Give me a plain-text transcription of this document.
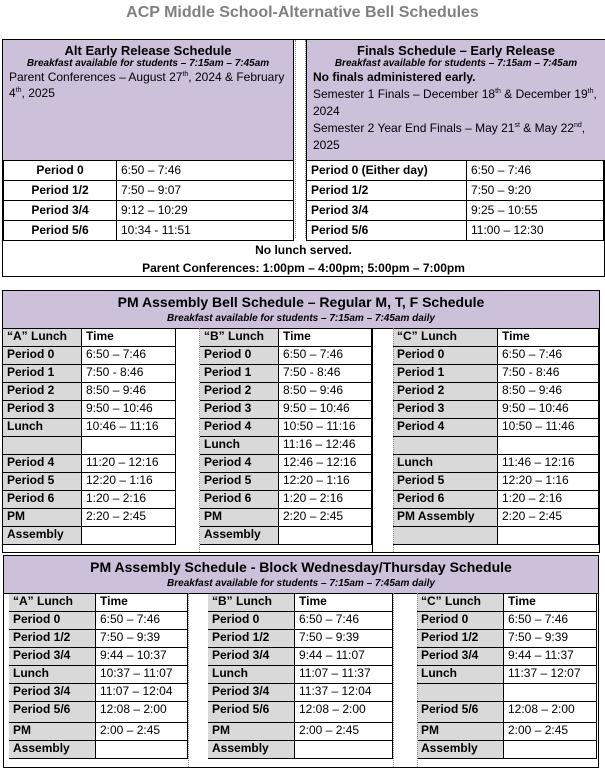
ACP Middle School-Alternative Bell Schedules
Alt Early Release Schedule
Breakfast available for students – 7:15am – 7:45am
Parent Conferences – August 27th, 2024 & February 4th, 2025
Finals Schedule – Early Release
Breakfast available for students – 7:15am – 7:45am
No finals administered early.
Semester 1 Finals – December 18th & December 19th, 2024
Semester 2 Year End Finals – May 21st & May 22nd, 2025
Period 0	6:50 – 7:46
Period 1/2	7:50 – 9:07
Period 3/4	9:12 – 10:29
Period 5/6	10:34 - 11:51
Period 0 (Either day)	6:50 – 7:46
Period 1/2	7:50 – 9:20
Period 3/4	9:25 – 10:55
Period 5/6	11:00 – 12:30
No lunch served.
Parent Conferences: 1:00pm – 4:00pm; 5:00pm – 7:00pm
PM Assembly Bell Schedule – Regular M, T, F Schedule
Breakfast available for students – 7:15am – 7:45am daily
“A” Lunch	Time
Period 0	6:50 – 7:46
Period 1	7:50 - 8:46
Period 2	8:50 – 9:46
Period 3	9:50 – 10:46
Lunch	10:46 – 11:16

Period 4	11:20 – 12:16
Period 5	12:20 – 1:16
Period 6	1:20 – 2:16
PM	2:20 – 2:45
Assembly	
“B” Lunch	Time
Period 0	6:50 – 7:46
Period 1	7:50 - 8:46
Period 2	8:50 – 9:46
Period 3	9:50 – 10:46
Period 4	10:50 – 11:16
Lunch	11:16 – 12:46
Period 4	12:46 – 12:16
Period 5	12:20 – 1:16
Period 6	1:20 – 2:16
PM	2:20 – 2:45
Assembly	
“C” Lunch	Time
Period 0	6:50 – 7:46
Period 1	7:50 - 8:46
Period 2	8:50 – 9:46
Period 3	9:50 – 10:46
Period 4	10:50 – 11:46

Lunch	11:46 – 12:16
Period 5	12:20 – 1:16
Period 6	1:20 – 2:16
PM Assembly	2:20 – 2:45

PM Assembly Schedule - Block Wednesday/Thursday Schedule
Breakfast available for students – 7:15am – 7:45am daily
“A” Lunch	Time
Period 0	6:50 – 7:46
Period 1/2	7:50 – 9:39
Period 3/4	9:44 – 10:37
Lunch	10:37 – 11:07
Period 3/4	11:07 – 12:04
Period 5/6	12:08 – 2:00
PM	2:00 – 2:45
Assembly	
“B” Lunch	Time
Period 0	6:50 – 7:46
Period 1/2	7:50 – 9:39
Period 3/4	9:44 – 11:07
Lunch	11:07 – 11:37
Period 3/4	11:37 – 12:04
Period 5/6	12:08 – 2:00
PM	2:00 – 2:45
Assembly	
“C” Lunch	Time
Period 0	6:50 – 7:46
Period 1/2	7:50 – 9:39
Period 3/4	9:44 – 11:37
Lunch	11:37 – 12:07

Period 5/6	12:08 – 2:00
PM	2:00 – 2:45
Assembly	
